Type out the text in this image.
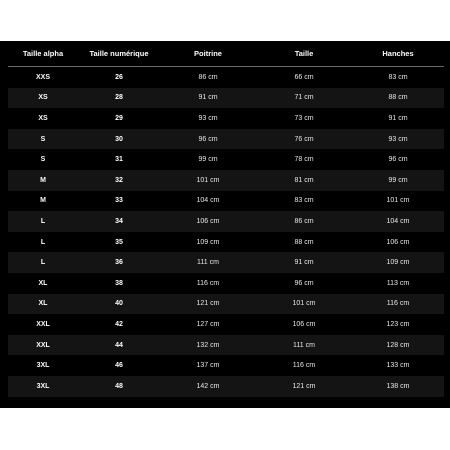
Taille alpha	Taille numérique	Poitrine	Taille	Hanches
XXS	26	86 cm	66 cm	83 cm
XS	28	91 cm	71 cm	88 cm
XS	29	93 cm	73 cm	91 cm
S	30	96 cm	76 cm	93 cm
S	31	99 cm	78 cm	96 cm
M	32	101 cm	81 cm	99 cm
M	33	104 cm	83 cm	101 cm
L	34	106 cm	86 cm	104 cm
L	35	109 cm	88 cm	106 cm
L	36	111 cm	91 cm	109 cm
XL	38	116 cm	96 cm	113 cm
XL	40	121 cm	101 cm	116 cm
XXL	42	127 cm	106 cm	123 cm
XXL	44	132 cm	111 cm	128 cm
3XL	46	137 cm	116 cm	133 cm
3XL	48	142 cm	121 cm	138 cm
